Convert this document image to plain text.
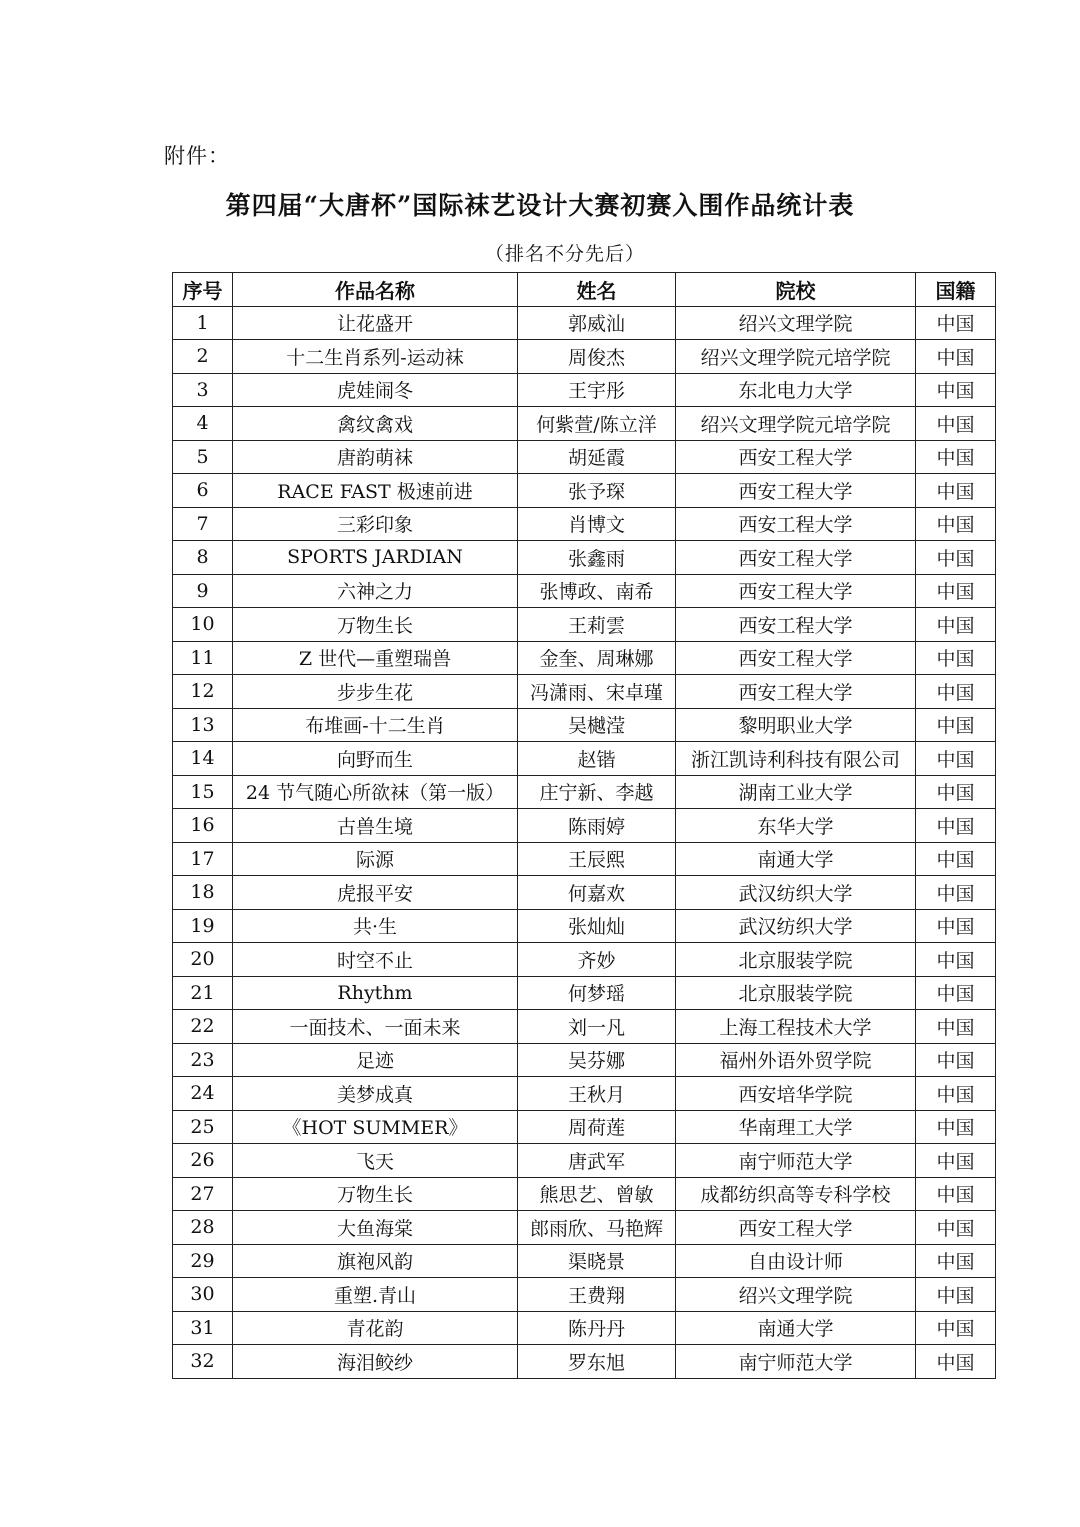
附件：
第四届“大唐杯”国际袜艺设计大赛初赛入围作品统计表
（排名不分先后）
序号	作品名称	姓名	院校	国籍
1	让花盛开	郭威汕	绍兴文理学院	中国
2	十二生肖系列-运动袜	周俊杰	绍兴文理学院元培学院	中国
3	虎娃闹冬	王宇彤	东北电力大学	中国
4	禽纹禽戏	何紫萱/陈立洋	绍兴文理学院元培学院	中国
5	唐韵萌袜	胡延霞	西安工程大学	中国
6	RACE FAST 极速前进	张予琛	西安工程大学	中国
7	三彩印象	肖博文	西安工程大学	中国
8	SPORTS JARDIAN	张鑫雨	西安工程大学	中国
9	六神之力	张博政、南希	西安工程大学	中国
10	万物生长	王莉雲	西安工程大学	中国
11	Z 世代—重塑瑞兽	金奎、周琳娜	西安工程大学	中国
12	步步生花	冯潇雨、宋卓瑾	西安工程大学	中国
13	布堆画-十二生肖	吴樾滢	黎明职业大学	中国
14	向野而生	赵锴	浙江凯诗利科技有限公司	中国
15	24 节气随心所欲袜（第一版）	庄宁新、李越	湖南工业大学	中国
16	古兽生境	陈雨婷	东华大学	中国
17	际源	王辰熙	南通大学	中国
18	虎报平安	何嘉欢	武汉纺织大学	中国
19	共·生	张灿灿	武汉纺织大学	中国
20	时空不止	齐妙	北京服装学院	中国
21	Rhythm	何梦瑶	北京服装学院	中国
22	一面技术、一面未来	刘一凡	上海工程技术大学	中国
23	足迹	吴芬娜	福州外语外贸学院	中国
24	美梦成真	王秋月	西安培华学院	中国
25	《HOT SUMMER》	周荷莲	华南理工大学	中国
26	飞天	唐武军	南宁师范大学	中国
27	万物生长	熊思艺、曾敏	成都纺织高等专科学校	中国
28	大鱼海棠	郎雨欣、马艳辉	西安工程大学	中国
29	旗袍风韵	渠晓景	自由设计师	中国
30	重塑.青山	王费翔	绍兴文理学院	中国
31	青花韵	陈丹丹	南通大学	中国
32	海泪鲛纱	罗东旭	南宁师范大学	中国
